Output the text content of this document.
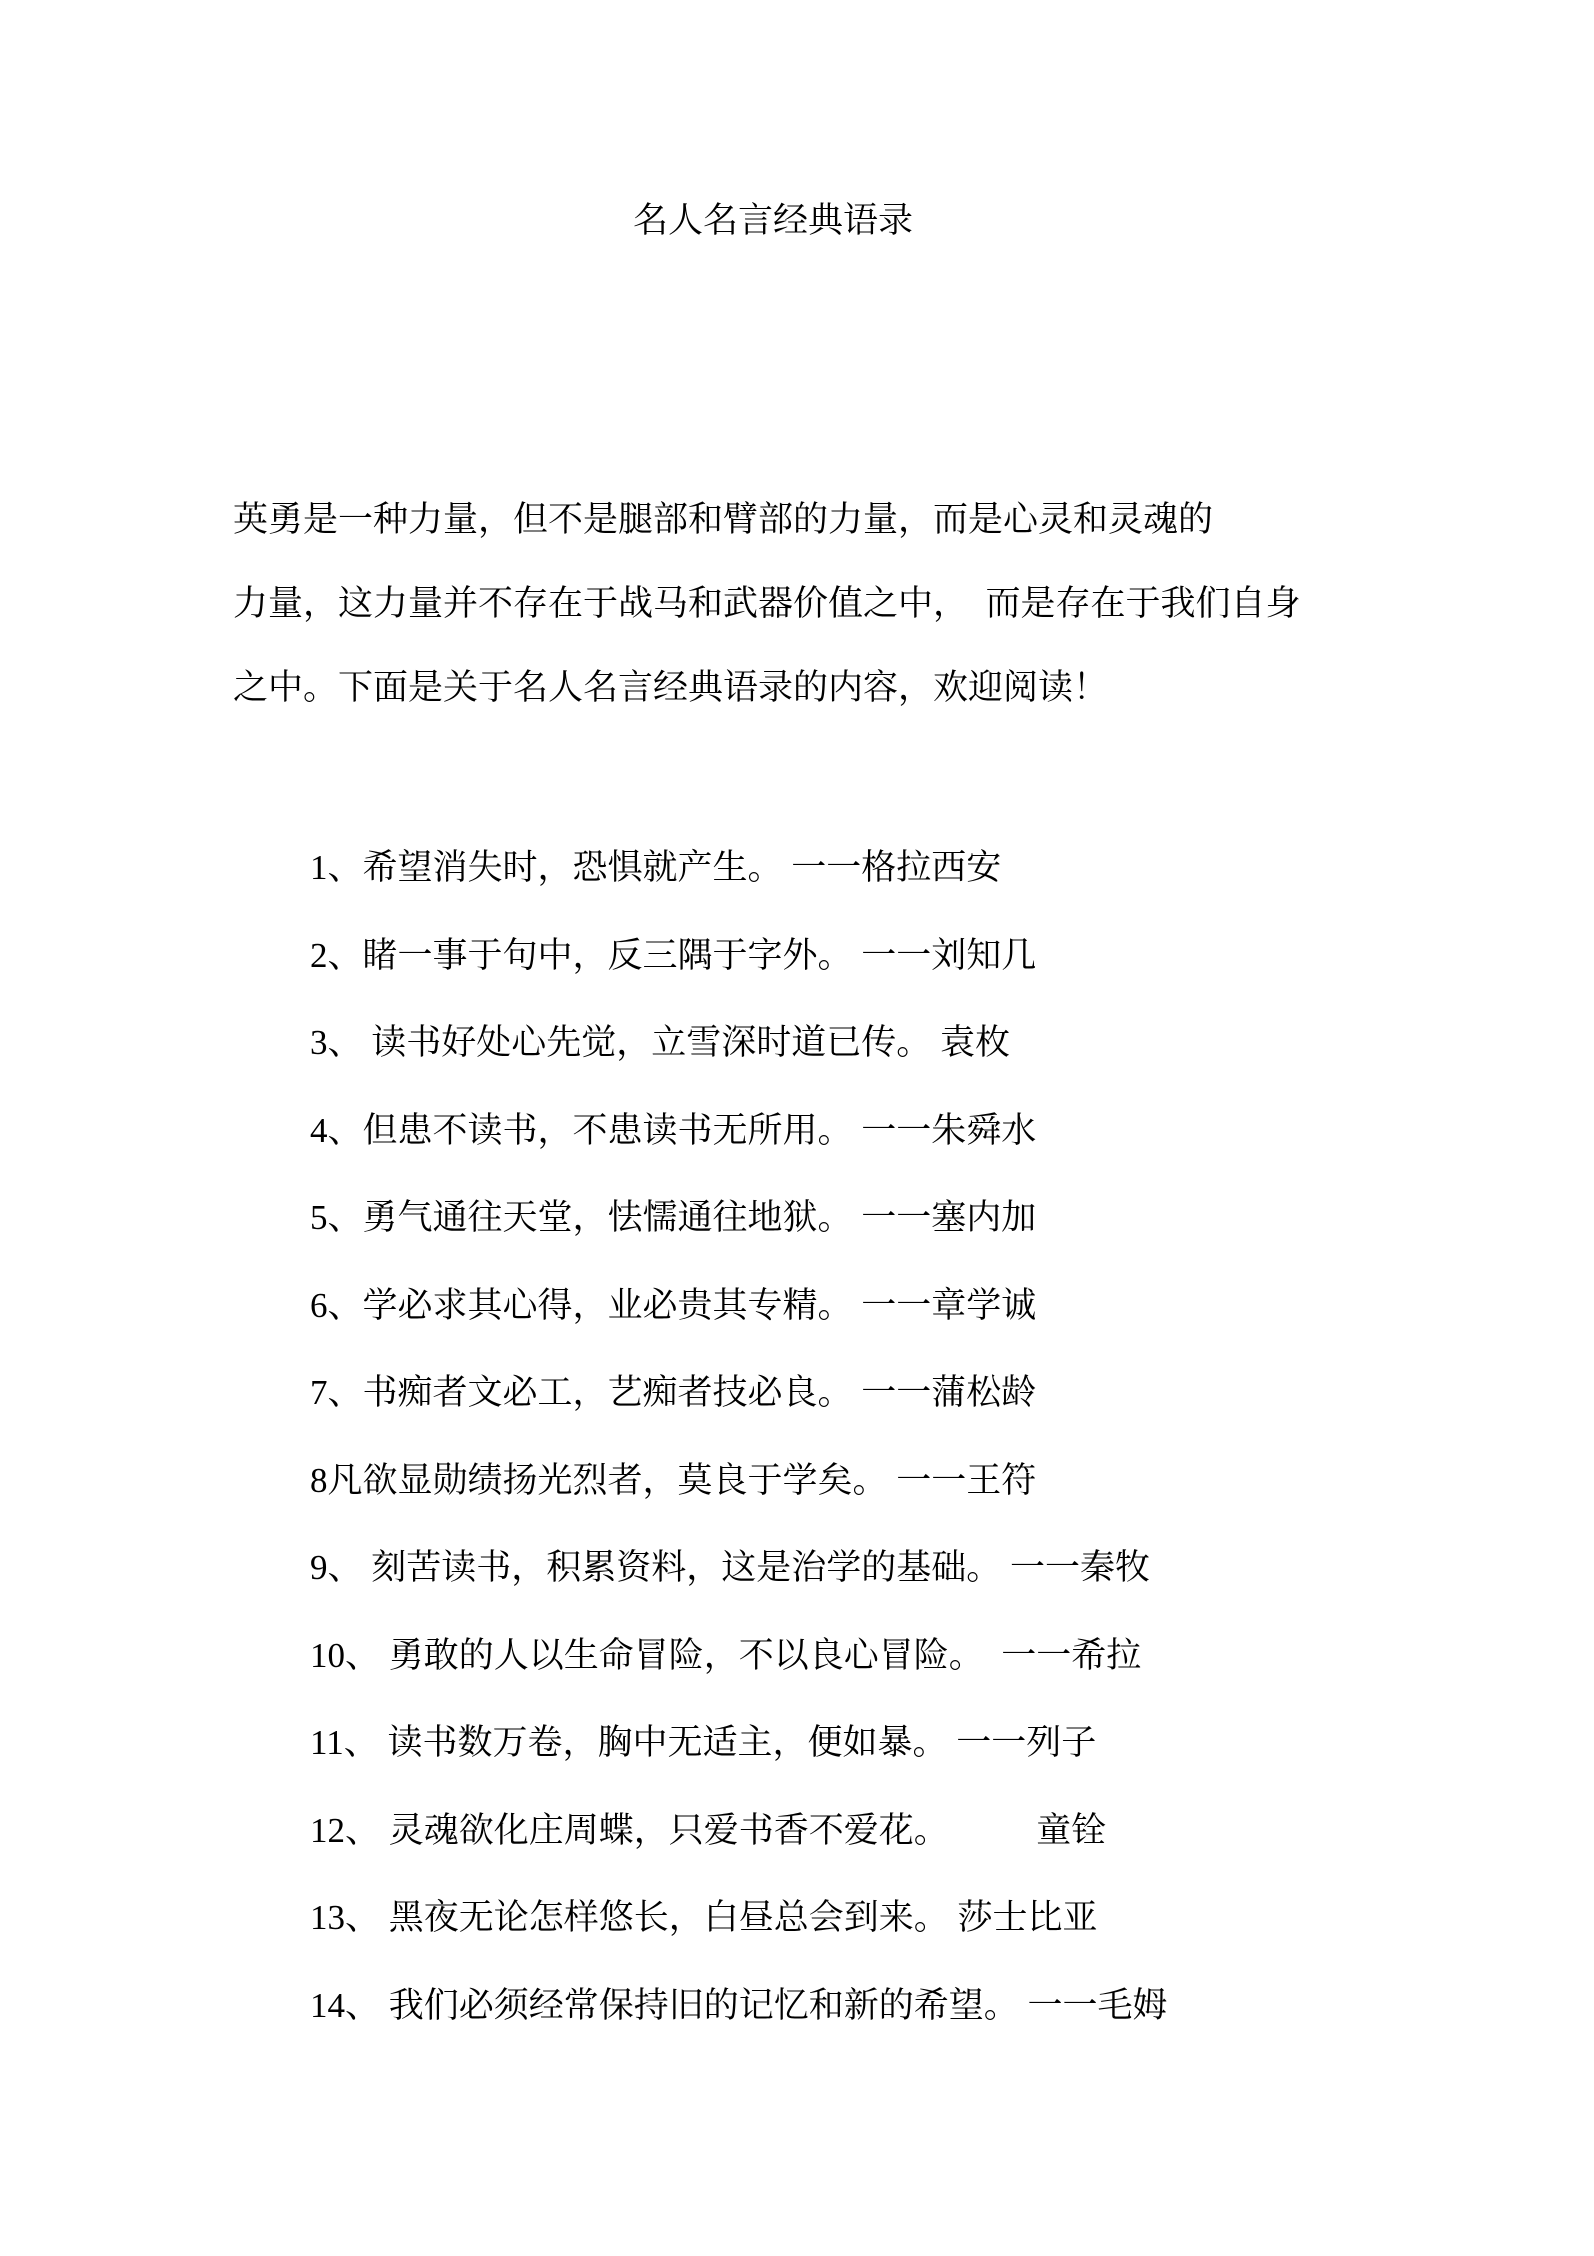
名人名言经典语录
英勇是一种力量，但不是腿部和臂部的力量，而是心灵和灵魂的
力量，这力量并不存在于战马和武器价值之中，　而是存在于我们自身
之中。下面是关于名人名言经典语录的内容，欢迎阅读！
1、希望消失时，恐惧就产生。 一一格拉西安
2、睹一事于句中，反三隅于字外。 一一刘知几
3、 读书好处心先觉，立雪深时道已传。 袁枚
4、但患不读书，不患读书无所用。 一一朱舜水
5、勇气通往天堂，怯懦通往地狱。 一一塞内加
6、学必求其心得，业必贵其专精。 一一章学诚
7、书痴者文必工，艺痴者技必良。 一一蒲松龄
8凡欲显勋绩扬光烈者，莫良于学矣。 一一王符
9、 刻苦读书，积累资料，这是治学的基础。 一一秦牧
10、 勇敢的人以生命冒险，不以良心冒险。  一一希拉
11、 读书数万卷，胸中无适主，便如暴。 一一列子
12、 灵魂欲化庄周蝶，只爱书香不爱花。　　　童铨
13、 黑夜无论怎样悠长，白昼总会到来。 莎士比亚
14、 我们必须经常保持旧的记忆和新的希望。 一一毛姆
